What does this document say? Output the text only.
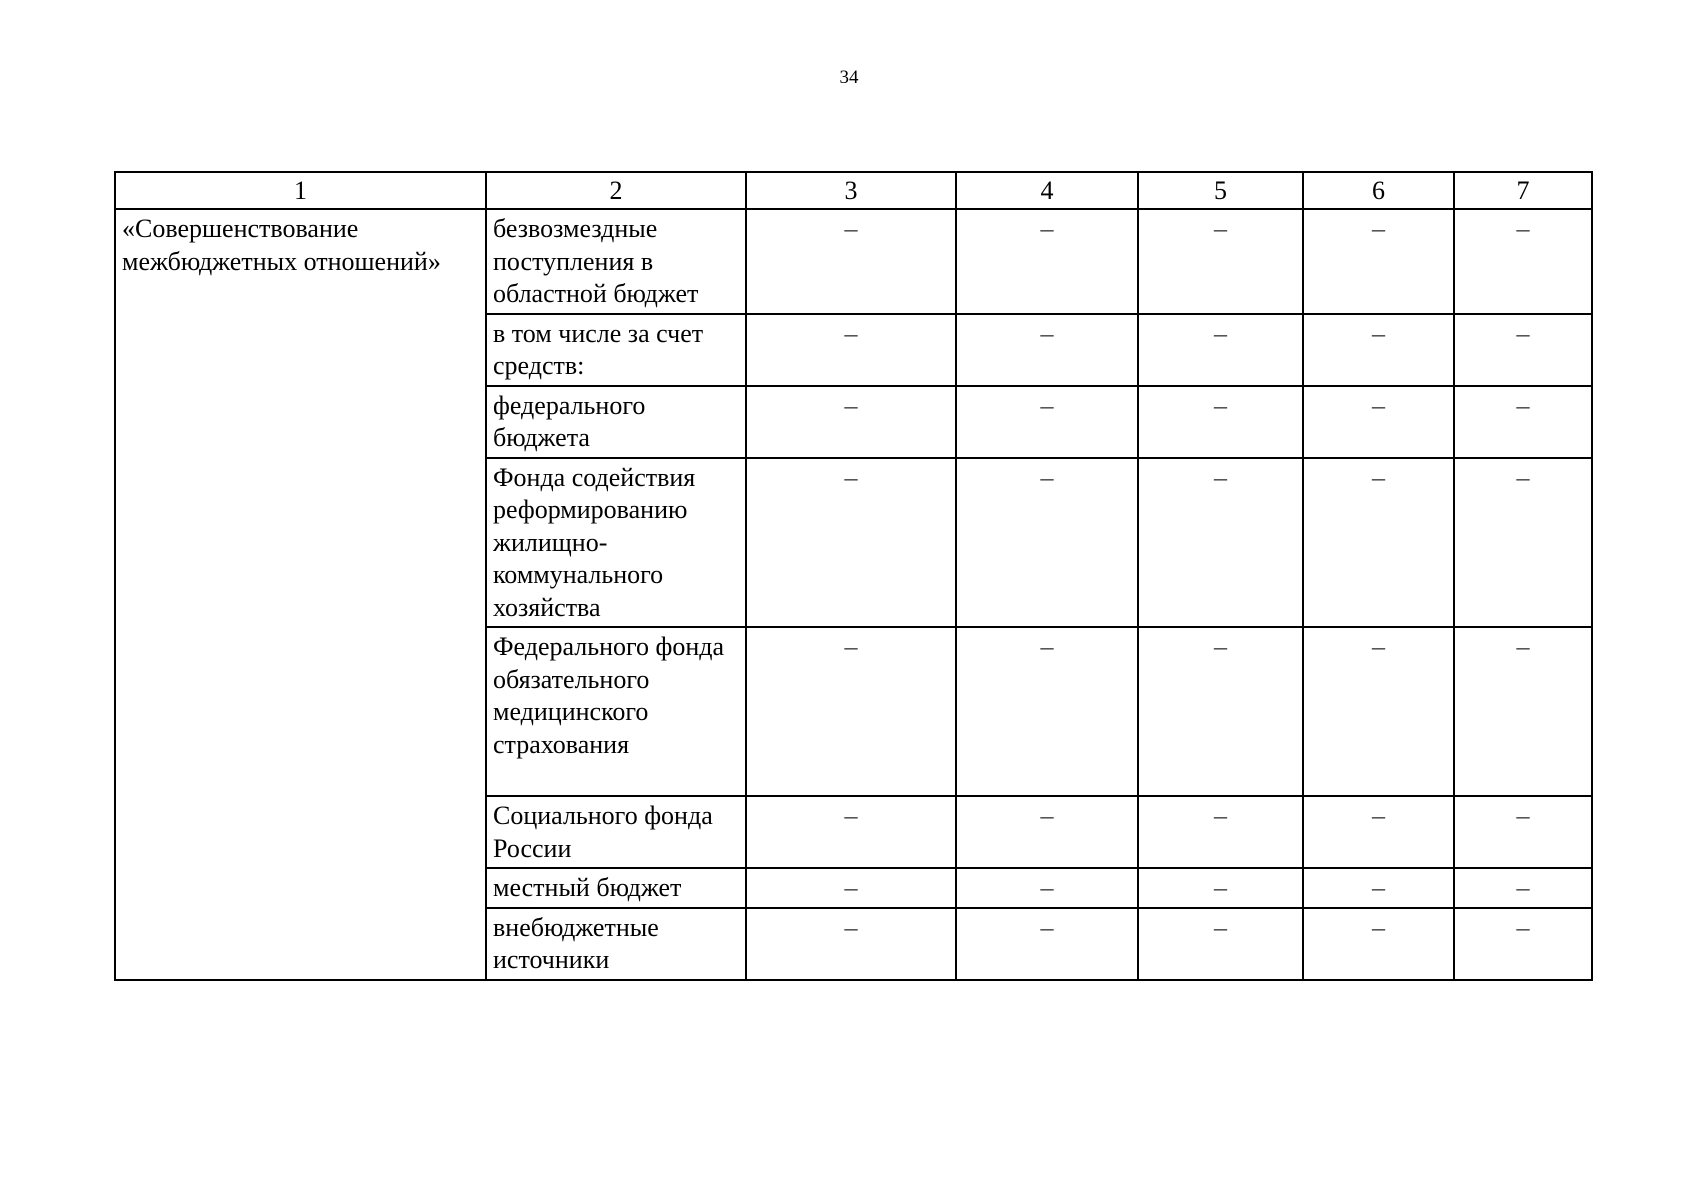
34
1	2	3	4	5	6	7
«Совершенствование межбюджетных отношений»	безвозмездные поступления в областной бюджет	–	–	–	–	–
	в том числе за счет средств:	–	–	–	–	–
	федерального бюджета	–	–	–	–	–
	Фонда содействия реформированию жилищно-коммунального хозяйства	–	–	–	–	–
	Федерального фонда обязательного медицинского страхования	–	–	–	–	–
	Социального фонда России	–	–	–	–	–
	местный бюджет	–	–	–	–	–
	внебюджетные источники	–	–	–	–	–
